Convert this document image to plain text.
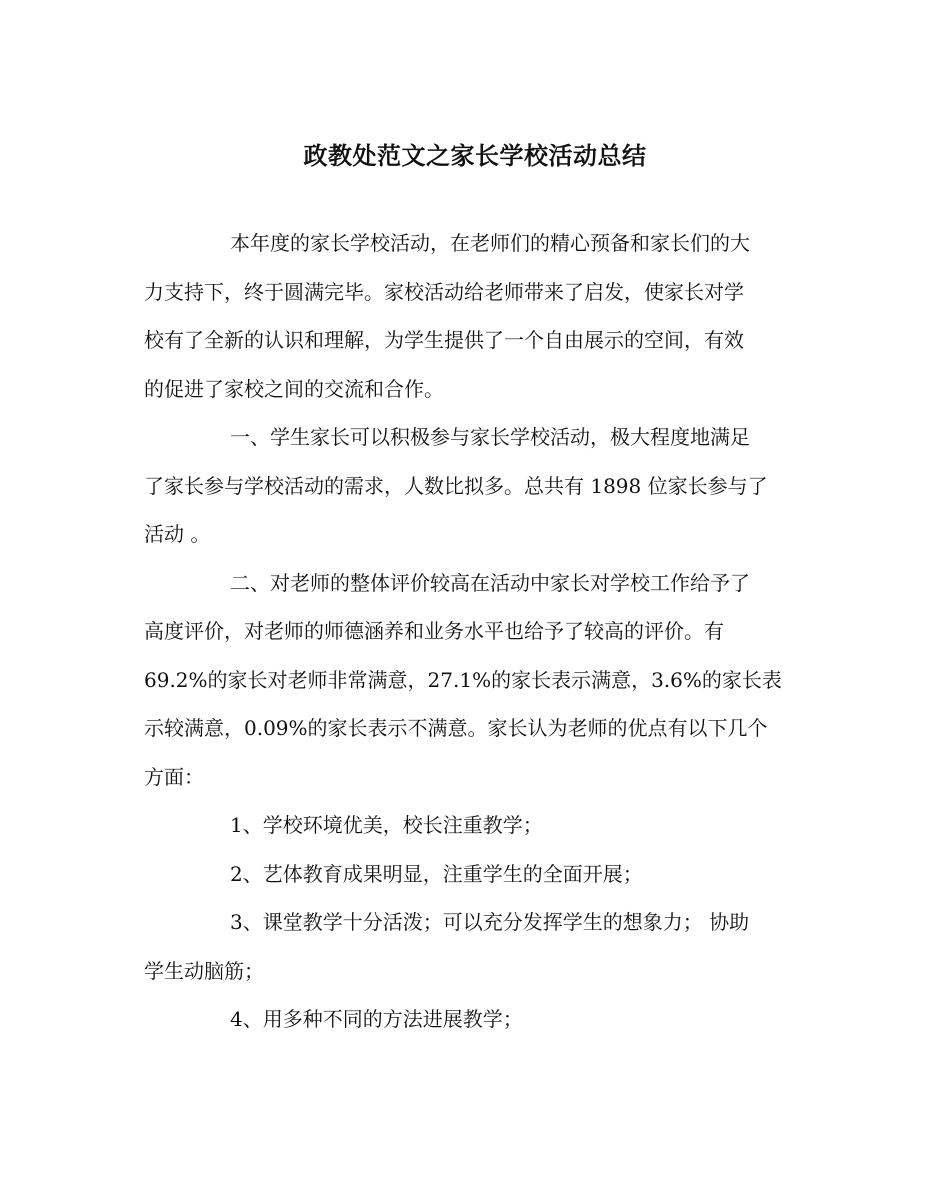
政教处范文之家长学校活动总结
本年度的家长学校活动，在老师们的精心预备和家长们的大
力支持下，终于圆满完毕。家校活动给老师带来了启发，使家长对学
校有了全新的认识和理解，为学生提供了一个自由展示的空间，有效
的促进了家校之间的交流和合作。
一、学生家长可以积极参与家长学校活动，极大程度地满足
了家长参与学校活动的需求，人数比拟多。总共有 1898 位家长参与了
活动 。
二、对老师的整体评价较高在活动中家长对学校工作给予了
高度评价，对老师的师德涵养和业务水平也给予了较高的评价。有
69.2%的家长对老师非常满意，27.1%的家长表示满意，3.6%的家长表
示较满意，0.09%的家长表示不满意。家长认为老师的优点有以下几个
方面：
1、学校环境优美，校长注重教学；
2、艺体教育成果明显，注重学生的全面开展；
3、课堂教学十分活泼；可以充分发挥学生的想象力； 协助
学生动脑筋；
4、用多种不同的方法进展教学；
